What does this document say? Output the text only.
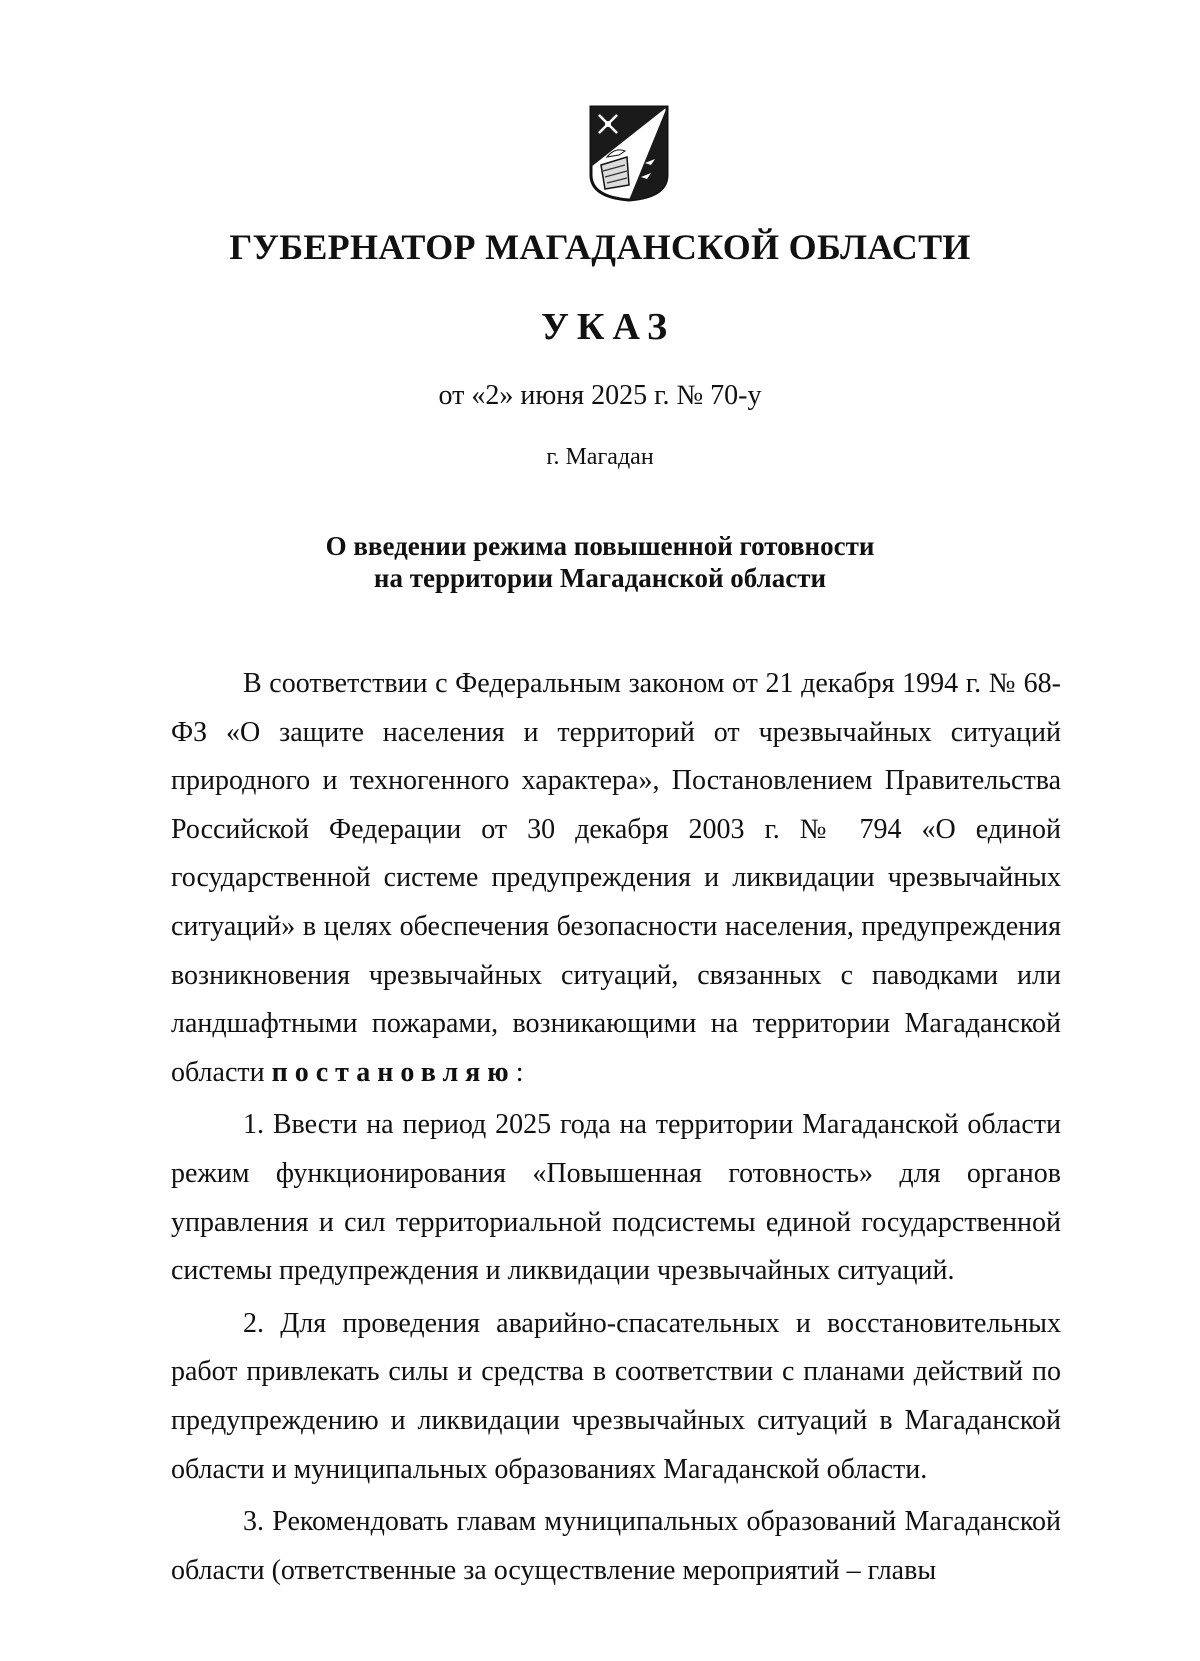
ГУБЕРНАТОР МАГАДАНСКОЙ ОБЛАСТИ
УКАЗ
от «2» июня 2025 г. № 70-у
г. Магадан
О введении режима повышенной готовности
на территории Магаданской области

В соответствии с Федеральным законом от 21 декабря 1994 г. № 68-ФЗ «О защите населения и территорий от чрезвычайных ситуаций природного и техногенного характера», Постановлением Правительства Российской Федерации от 30 декабря 2003 г. № 794 «О единой государственной системе предупреждения и ликвидации чрезвычайных ситуаций» в целях обеспечения безопасности населения, предупреждения возникновения чрезвычайных ситуаций, связанных с паводками или ландшафтными пожарами, возникающими на территории Магаданской области постановляю:

1. Ввести на период 2025 года на территории Магаданской области режим функционирования «Повышенная готовность» для органов управления и сил территориальной подсистемы единой государственной системы предупреждения и ликвидации чрезвычайных ситуаций.

2. Для проведения аварийно-спасательных и восстановительных работ привлекать силы и средства в соответствии с планами действий по предупреждению и ликвидации чрезвычайных ситуаций в Магаданской области и муниципальных образованиях Магаданской области.

3. Рекомендовать главам муниципальных образований Магаданской области (ответственные за осуществление мероприятий – главы
